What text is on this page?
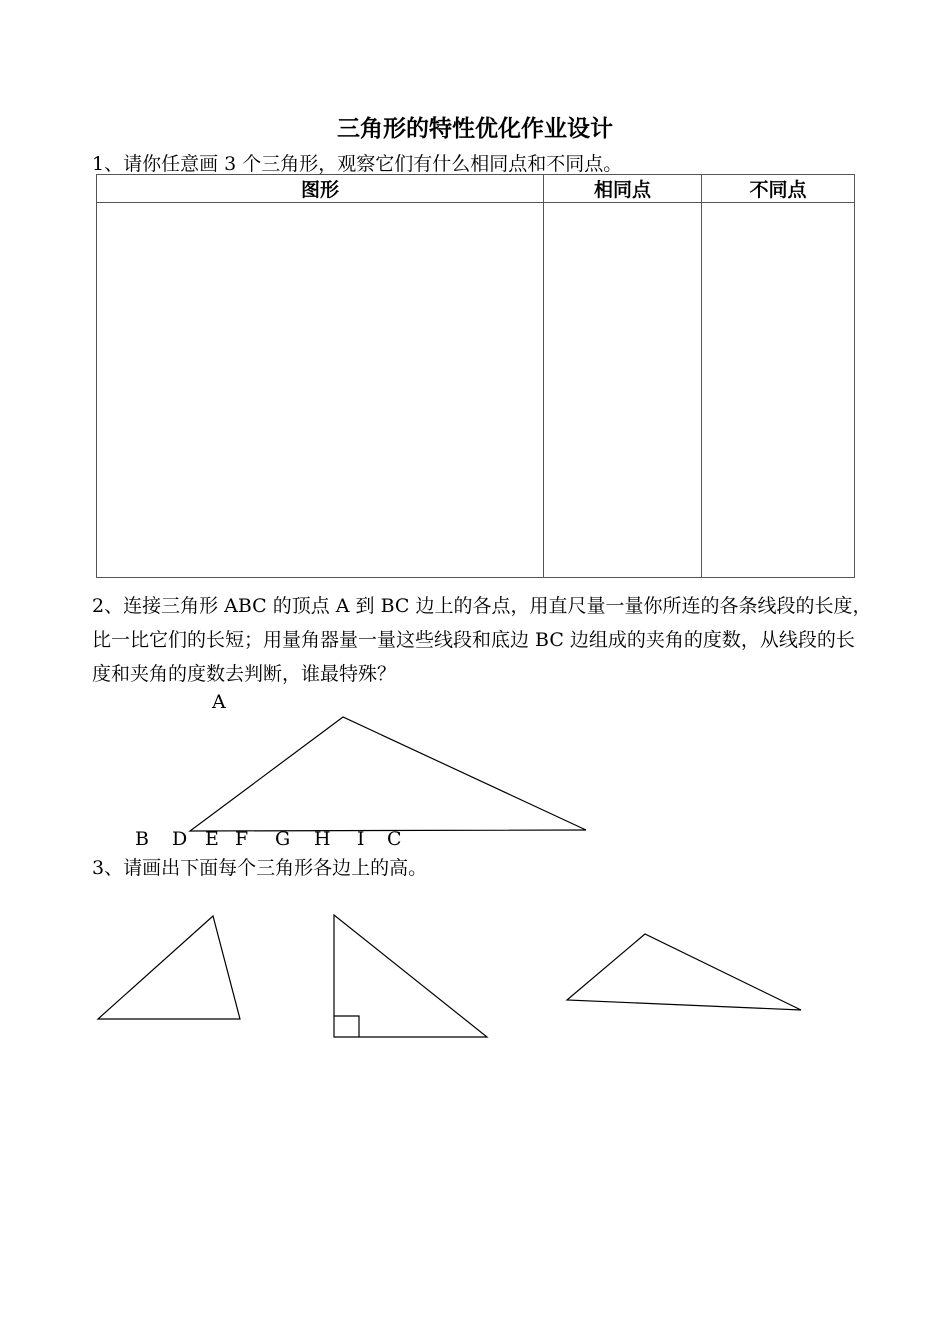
三角形的特性优化作业设计
1、请你任意画 3 个三角形，观察它们有什么相同点和不同点。
图形	相同点	不同点

2、连接三角形 ABC 的顶点 A 到 BC 边上的各点，用直尺量一量你所连的各条线段的长度，比一比它们的长短；用量角器量一量这些线段和底边 BC 边组成的夹角的度数，从线段的长度和夹角的度数去判断，谁最特殊？
A
B D E F G H I C
3、请画出下面每个三角形各边上的高。
